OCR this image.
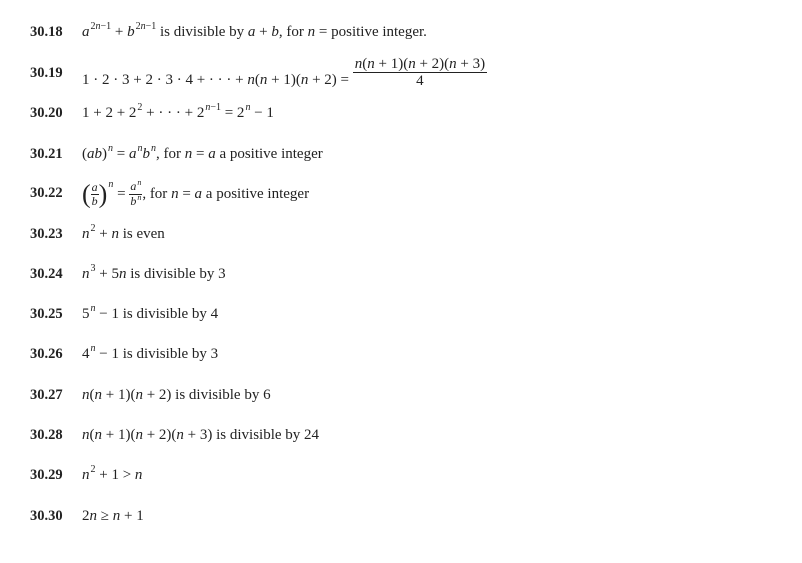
30.18 $a^{2n-1} + b^{2n-1}$ is divisible by a + b, for n = positive integer.
30.19 1 · 2 · 3 + 2 · 3 · 4 + · · · + $n(n + 1)(n + 2) = \frac{n(n + 1)(n + 2)(n + 3)}{4}$
30.20 $1 + 2 + 2^2$ + · · · + $2^{n-1} = 2^n - 1$
30.21 $(ab)^n = a^nb^n$, for n = a a positive integer
30.22 ( $\frac{a}{b} )^n = \frac{a^n}{b^n}$ , for n = a a positive integer
30.23 $n^2 + n$ is even
30.24 $n^3 + 5n$ is divisible by 3
30.25 $5^n - 1$ is divisible by 4
30.26 $4^n - 1$ is divisible by 3
30.27 n(n + 1)(n + 2) is divisible by 6
30.28 n(n + 1)(n + 2)(n + 3) is divisible by 24
30.29 $n^2 + 1 > n$
30.30 2n ≥ n + 1
